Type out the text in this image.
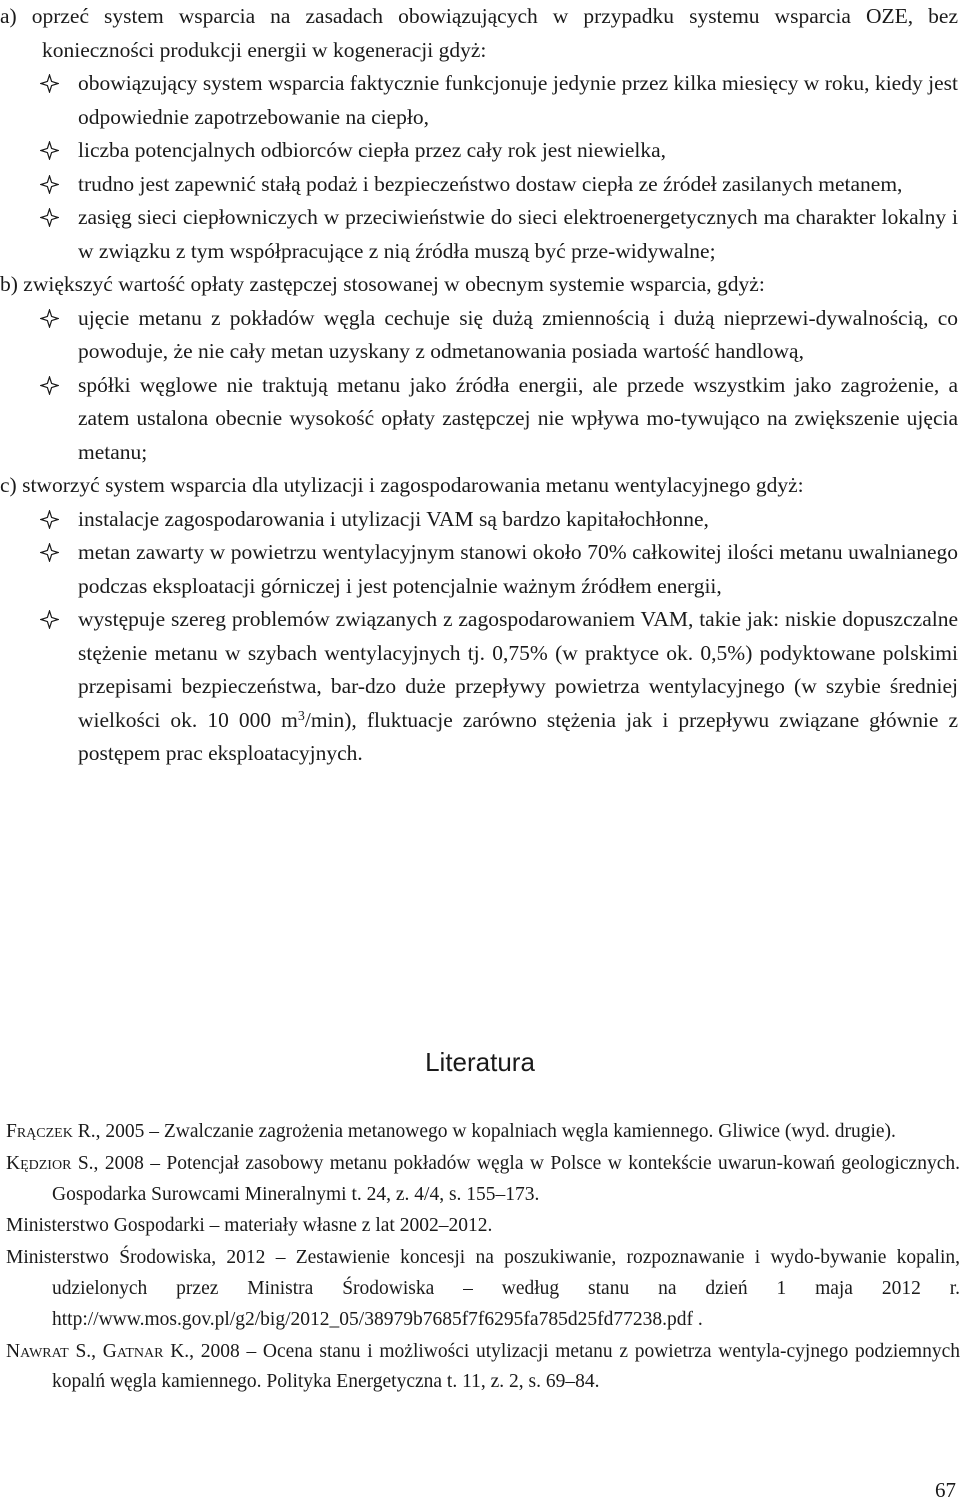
a) oprzeć system wsparcia na zasadach obowiązujących w przypadku systemu wsparcia OZE, bez konieczności produkcji energii w kogeneracji gdyż:

obowiązujący system wsparcia faktycznie funkcjonuje jedynie przez kilka miesięcy w roku, kiedy jest odpowiednie zapotrzebowanie na ciepło,
liczba potencjalnych odbiorców ciepła przez cały rok jest niewielka,
trudno jest zapewnić stałą podaż i bezpieczeństwo dostaw ciepła ze źródeł zasilanych metanem,
zasięg sieci ciepłowniczych w przeciwieństwie do sieci elektroenergetycznych ma charakter lokalny i w związku z tym współpracujące z nią źródła muszą być prze-widywalne;

b) zwiększyć wartość opłaty zastępczej stosowanej w obecnym systemie wsparcia, gdyż:

ujęcie metanu z pokładów węgla cechuje się dużą zmiennością i dużą nieprzewi-dywalnością, co powoduje, że nie cały metan uzyskany z odmetanowania posiada wartość handlową,
spółki węglowe nie traktują metanu jako źródła energii, ale przede wszystkim jako zagrożenie, a zatem ustalona obecnie wysokość opłaty zastępczej nie wpływa mo-tywująco na zwiększenie ujęcia metanu;

c) stworzyć system wsparcia dla utylizacji i zagospodarowania metanu wentylacyjnego gdyż:

instalacje zagospodarowania i utylizacji VAM są bardzo kapitałochłonne,
metan zawarty w powietrzu wentylacyjnym stanowi około 70% całkowitej ilości metanu uwalnianego podczas eksploatacji górniczej i jest potencjalnie ważnym źródłem energii,
występuje szereg problemów związanych z zagospodarowaniem VAM, takie jak: niskie dopuszczalne stężenie metanu w szybach wentylacyjnych tj. 0,75% (w praktyce ok. 0,5%) podyktowane polskimi przepisami bezpieczeństwa, bar-dzo duże przepływy powietrza wentylacyjnego (w szybie średniej wielkości ok. 10 000 $m^3/\min$), fluktuacje zarówno stężenia jak i przepływu związane głównie z postępem prac eksploatacyjnych.
Literatura
Frączek R., 2005 – Zwalczanie zagrożenia metanowego w kopalniach węgla kamiennego. Gliwice (wyd. drugie).
Kędzior S., 2008 – Potencjał zasobowy metanu pokładów węgla w Polsce w kontekście uwarun-kowań geologicznych. Gospodarka Surowcami Mineralnymi t. 24, z. 4/4, s. 155–173.
Ministerstwo Gospodarki – materiały własne z lat 2002–2012.
Ministerstwo Środowiska, 2012 – Zestawienie koncesji na poszukiwanie, rozpoznawanie i wydo-bywanie kopalin, udzielonych przez Ministra Środowiska – według stanu na dzień 1 maja 2012 r. http://www.mos.gov.pl/g2/big/2012_05/38979b7685f7f6295fa785d25fd77238.pdf .
Nawrat S., Gatnar K., 2008 – Ocena stanu i możliwości utylizacji metanu z powietrza wentyla-cyjnego podziemnych kopalń węgla kamiennego. Polityka Energetyczna t. 11, z. 2, s. 69–84.
67
